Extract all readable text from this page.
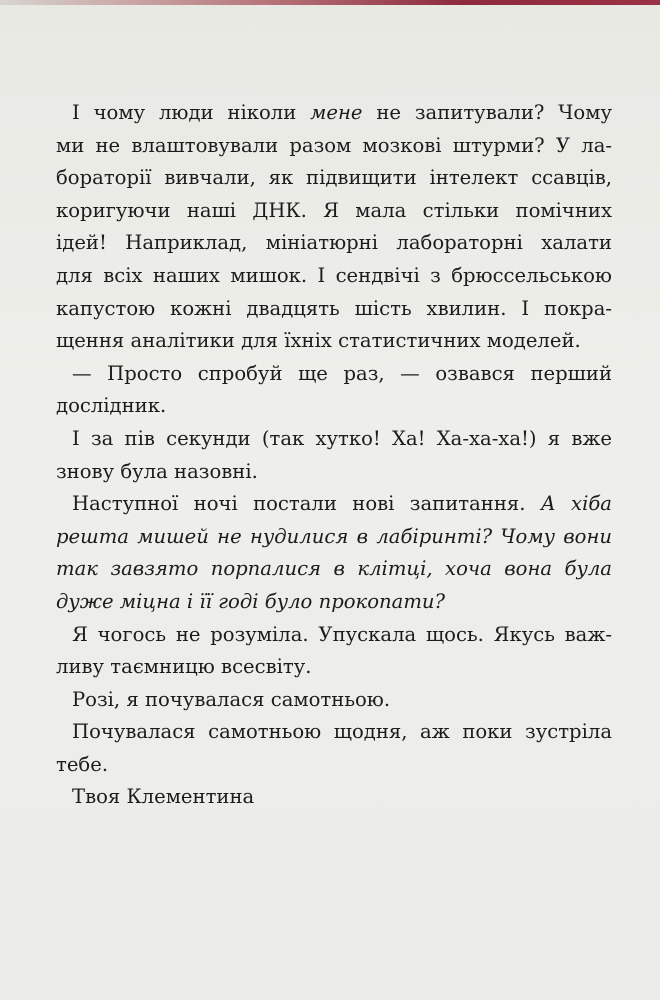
І чому люди ніколи мене не запитували? Чому
ми не влаштовували разом мозкові штурми? У ла-
бораторії вивчали, як підвищити інтелект ссавців,
коригуючи наші ДНК. Я мала стільки помічних
ідей! Наприклад, мініатюрні лабораторні халати
для всіх наших мишок. І сендвічі з брюссельською
капустою кожні двадцять шість хвилин. І покра-
щення аналітики для їхніх статистичних моделей.

— Просто спробуй ще раз, — озвався перший
дослідник.

І за пів секунди (так хутко! Ха! Ха-ха-ха!) я вже
знову була назовні.

Наступної ночі постали нові запитання. А хіба
решта мишей не нудилися в лабіринті? Чому вони
так завзято порпалися в клітці, хоча вона була
дуже міцна і її годі було прокопати?

Я чогось не розуміла. Упускала щось. Якусь важ-
ливу таємницю всесвіту.

Розі, я почувалася самотньою.

Почувалася самотньою щодня, аж поки зустріла
тебе.

Твоя Клементина
